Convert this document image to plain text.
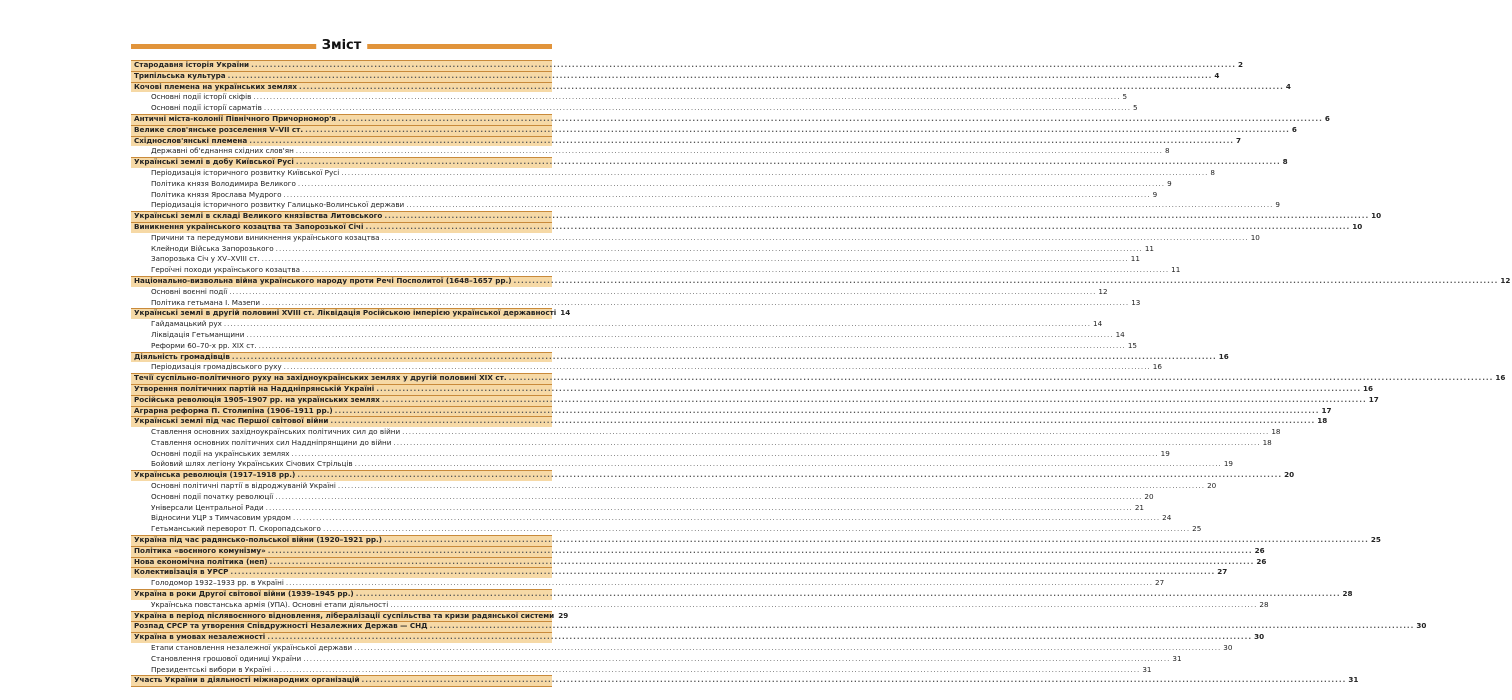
Зміст
Стародавня історія України .....	2
Трипільська культура .....	4
Кочові племена на українських землях .....	4
Основні події історії скіфів .....	5
Основні події історії сарматів .....	5
Античні міста-колонії Північного Причорномор'я .....	6
Велике слов'янське розселення V–VII ст. .....	6
Східнослов'янські племена .....	7
Державні об'єднання східних слов'ян .....	8
Українські землі в добу Київської Русі .....	8
Періодизація історичного розвитку Київської Русі .....	8
Політика князя Володимира Великого .....	9
Політика князя Ярослава Мудрого .....	9
Періодизація історичного розвитку Галицько-Волинської держави .....	9
Українські землі в складі Великого князівства Литовського .....	10
Виникнення українського козацтва та Запорозької Січі .....	10
Причини та передумови виникнення українського козацтва .....	10
Клейноди Війська Запорозького .....	11
Запорозька Січ у XV–XVIII ст. .....	11
Героїчні походи українського козацтва .....	11
Національно-визвольна війна українського народу проти Речі Посполитої (1648–1657 рр.) .....	12
Основні воєнні події .....	12
Політика гетьмана І. Мазепи .....	13
Українські землі в другій половині XVIII ст. Ліквідація Російською імперією української державності 14
Гайдамацький рух .....	14
Ліквідація Гетьманщини .....	14
Реформи 60–70-х рр. XIX ст. .....	15
Діяльність громадівців .....	16
Періодизація громадівського руху .....	16
Течії суспільно-політичного руху на західноукраїнських землях у другій половині XIX ст. .....	16
Утворення політичних партій на Наддніпрянській Україні .....	16
Російська революція 1905–1907 рр. на українських землях .....	17
Аграрна реформа П. Столипіна (1906–1911 рр.) .....	17
Українські землі під час Першої світової війни .....	18
Ставлення основних західноукраїнських політичних сил до війни .....	18
Ставлення основних політичних сил Наддніпрянщини до війни .....	18
Основні події на українських землях .....	19
Бойовий шлях легіону Українських Січових Стрільців .....	19
Українська революція (1917–1918 рр.) .....	20
Основні політичні партії в відроджуваній Україні .....	20
Основні події початку революції .....	20
Універсали Центральної Ради .....	21
Відносини УЦР з Тимчасовим урядом .....	24
Гетьманський переворот П. Скоропадського .....	25
Україна під час радянсько-польської війни (1920–1921 рр.) .....	25
Політика «воєнного комунізму» .....	26
Нова економічна політика (неп) .....	26
Колективізація в УРСР .....	27
Голодомор 1932–1933 рр. в Україні .....	27
Україна в роки Другої світової війни (1939–1945 рр.) .....	28
Українська повстанська армія (УПА). Основні етапи діяльності .....	28
Україна в період післявоєнного відновлення, лібералізації суспільства та кризи радянської системи 29
Розпад СРСР та утворення Співдружності Незалежних Держав — СНД .....	30
Україна в умовах незалежності .....	30
Етапи становлення незалежної української держави .....	30
Становлення грошової одиниці України .....	31
Президентські вибори в Україні .....	31
Участь України в діяльності міжнародних організацій .....	31
